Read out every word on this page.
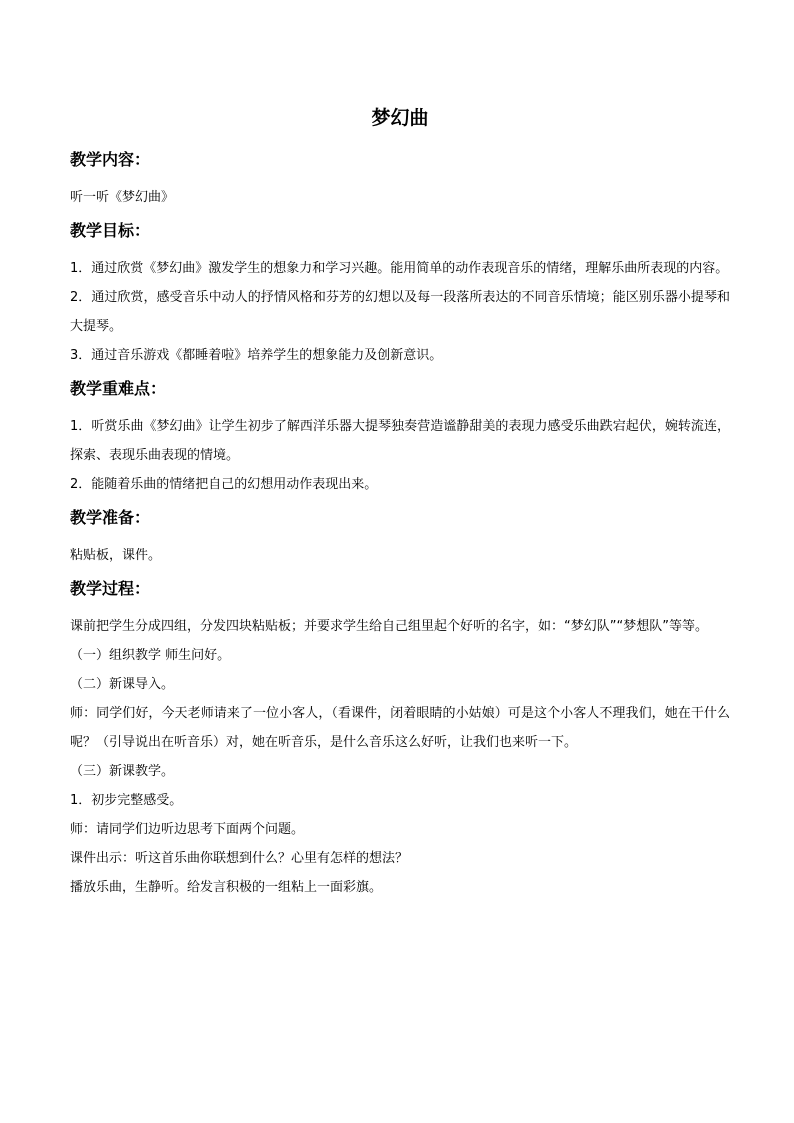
梦幻曲
教学内容：

听一听《梦幻曲》

教学目标：

1．通过欣赏《梦幻曲》激发学生的想象力和学习兴趣。能用简单的动作表现音乐的情绪，理解乐曲所表现的内容。

2．通过欣赏，感受音乐中动人的抒情风格和芬芳的幻想以及每一段落所表达的不同音乐情境；能区别乐器小提琴和大提琴。

3．通过音乐游戏《都睡着啦》培养学生的想象能力及创新意识。

教学重难点：

1．听赏乐曲《梦幻曲》让学生初步了解西洋乐器大提琴独奏营造谧静甜美的表现力感受乐曲跌宕起伏，婉转流连，探索、表现乐曲表现的情境。

2．能随着乐曲的情绪把自己的幻想用动作表现出来。

教学准备：

粘贴板，课件。

教学过程：

课前把学生分成四组，分发四块粘贴板；并要求学生给自己组里起个好听的名字，如：“梦幻队”“梦想队”等等。

（一）组织教学 师生问好。

（二）新课导入。

师：同学们好，今天老师请来了一位小客人，（看课件，闭着眼睛的小姑娘）可是这个小客人不理我们，她在干什么呢？（引导说出在听音乐）对，她在听音乐，是什么音乐这么好听，让我们也来听一下。

（三）新课教学。

1．初步完整感受。

师：请同学们边听边思考下面两个问题。

课件出示：听这首乐曲你联想到什么？心里有怎样的想法？

播放乐曲，生静听。给发言积极的一组粘上一面彩旗。
